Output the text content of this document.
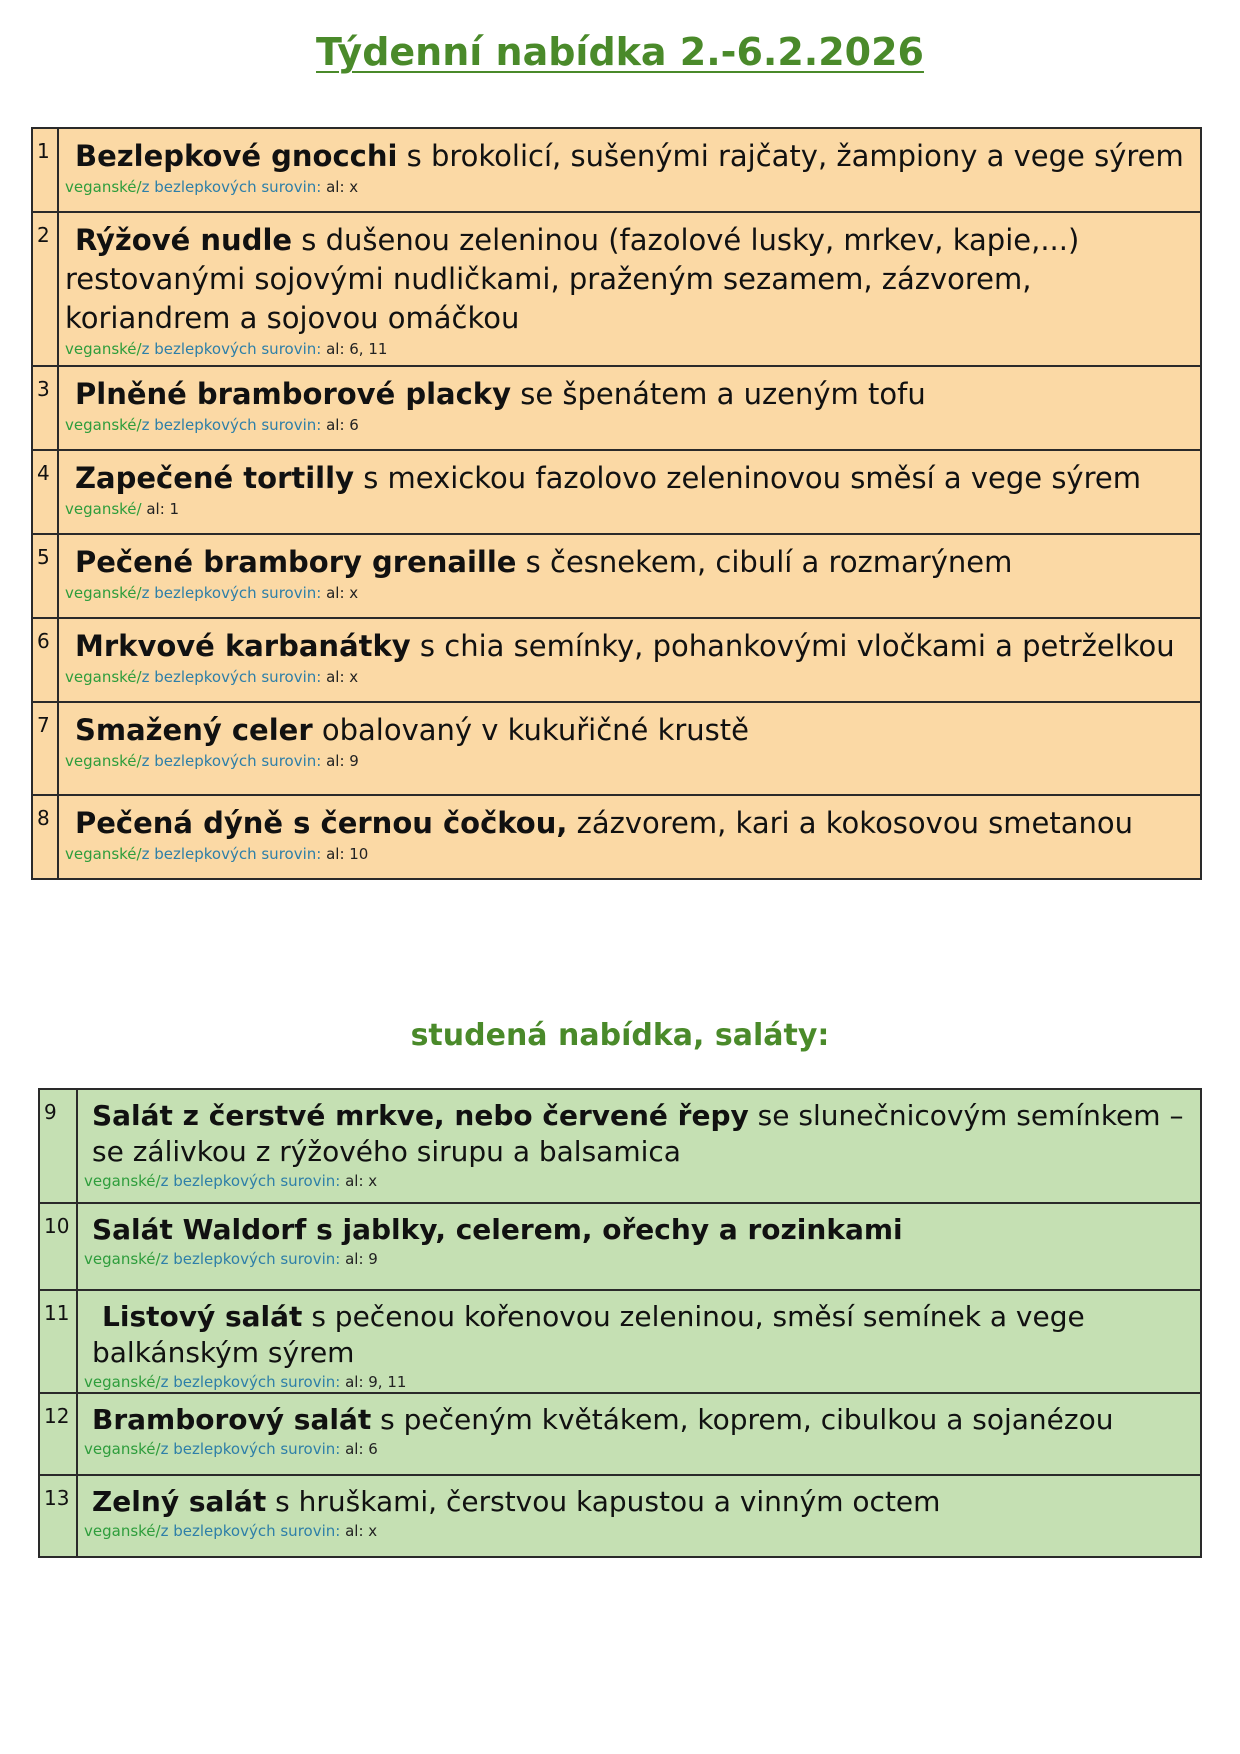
Týdenní nabídka 2.-6.2.2026
1	Bezlepkové gnocchi s brokolicí, sušenými rajčaty, žampiony a vege sýrem

veganské/z bezlepkových surovin: al: x

2	Rýžové nudle s dušenou zeleninou (fazolové lusky, mrkev, kapie,...) restovanými sojovými nudličkami, praženým sezamem, zázvorem, koriandrem a sojovou omáčkou

veganské/z bezlepkových surovin: al: 6, 11

3	Plněné bramborové placky se špenátem a uzeným tofu

veganské/z bezlepkových surovin: al: 6

4	Zapečené tortilly s mexickou fazolovo zeleninovou směsí a vege sýrem

veganské/ al: 1

5	Pečené brambory grenaille s česnekem, cibulí a rozmarýnem

veganské/z bezlepkových surovin: al: x

6	Mrkvové karbanátky s chia semínky, pohankovými vločkami a petrželkou

veganské/z bezlepkových surovin: al: x

7	Smažený celer obalovaný v kukuřičné krustě

veganské/z bezlepkových surovin: al: 9

8	Pečená dýně s černou čočkou, zázvorem, kari a kokosovou smetanou

veganské/z bezlepkových surovin: al: 10
studená nabídka, saláty:
9	Salát z čerstvé mrkve, nebo červené řepy se slunečnicovým semínkem – se zálivkou z rýžového sirupu a balsamica

veganské/z bezlepkových surovin: al: x

10	Salát Waldorf s jablky, celerem, ořechy a rozinkami

veganské/z bezlepkových surovin: al: 9

11	Listový salát s pečenou kořenovou zeleninou, směsí semínek a vege balkánským sýrem

veganské/z bezlepkových surovin: al: 9, 11

12	Bramborový salát s pečeným květákem, koprem, cibulkou a sojanézou

veganské/z bezlepkových surovin: al: 6

13	Zelný salát s hruškami, čerstvou kapustou a vinným octem

veganské/z bezlepkových surovin: al: x
